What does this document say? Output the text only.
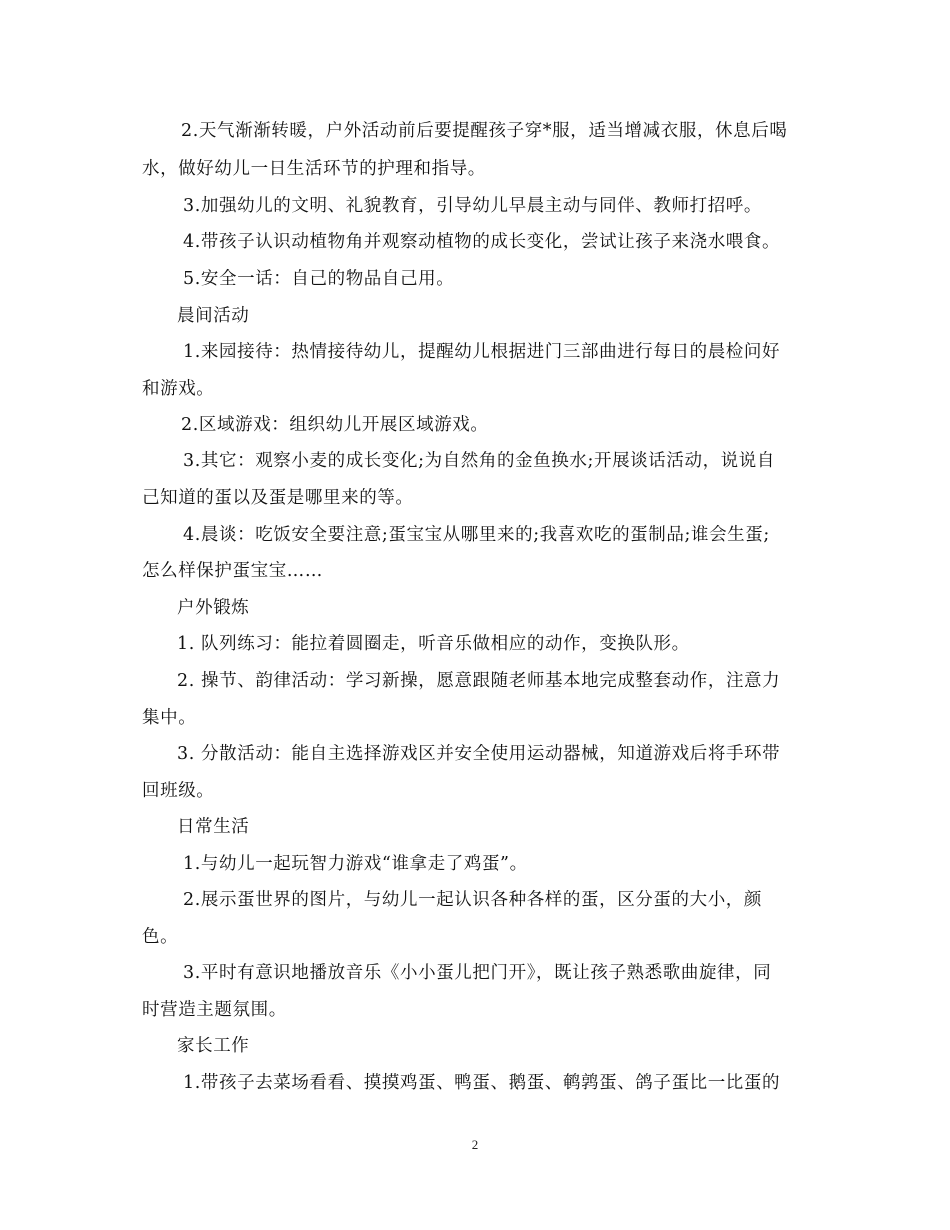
2.天气渐渐转暖，户外活动前后要提醒孩子穿*服，适当增减衣服，休息后喝
水，做好幼儿一日生活环节的护理和指导。
3.加强幼儿的文明、礼貌教育，引导幼儿早晨主动与同伴、教师打招呼。
4.带孩子认识动植物角并观察动植物的成长变化，尝试让孩子来浇水喂食。
5.安全一话：自己的物品自己用。
晨间活动
1.来园接待：热情接待幼儿，提醒幼儿根据进门三部曲进行每日的晨检问好
和游戏。
2.区域游戏：组织幼儿开展区域游戏。
3.其它：观察小麦的成长变化;为自然角的金鱼换水;开展谈话活动，说说自
己知道的蛋以及蛋是哪里来的等。
4.晨谈：吃饭安全要注意;蛋宝宝从哪里来的;我喜欢吃的蛋制品;谁会生蛋;
怎么样保护蛋宝宝……
户外锻炼
1. 队列练习：能拉着圆圈走，听音乐做相应的动作，变换队形。
2. 操节、韵律活动：学习新操，愿意跟随老师基本地完成整套动作，注意力
集中。
3. 分散活动：能自主选择游戏区并安全使用运动器械，知道游戏后将手环带
回班级。
日常生活
1.与幼儿一起玩智力游戏“谁拿走了鸡蛋”。
2.展示蛋世界的图片，与幼儿一起认识各种各样的蛋，区分蛋的大小，颜
色。
3.平时有意识地播放音乐《小小蛋儿把门开》，既让孩子熟悉歌曲旋律，同
时营造主题氛围。
家长工作
1.带孩子去菜场看看、摸摸鸡蛋、鸭蛋、鹅蛋、鹌鹑蛋、鸽子蛋比一比蛋的
2
